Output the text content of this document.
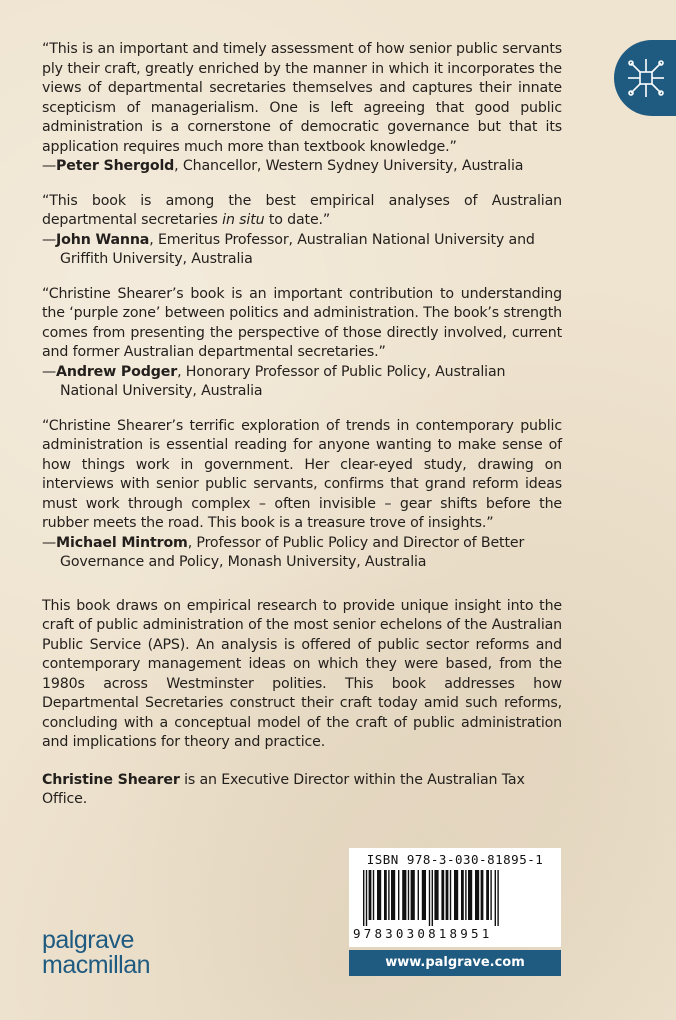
“This is an important and timely assessment of how senior public servants ply their craft, greatly enriched by the manner in which it incorporates the views of departmental secretaries themselves and captures their innate scepticism of managerialism. One is left agreeing that good public administration is a cornerstone of democratic governance but that its application requires much more than textbook knowledge.”
—Peter Shergold, Chancellor, Western Sydney University, Australia
“This book is among the best empirical analyses of Australian departmental secretaries in situ to date.”
—John Wanna, Emeritus Professor, Australian National University and Griffith University, Australia
“Christine Shearer’s book is an important contribution to understanding the ‘purple zone’ between politics and administration. The book’s strength comes from presenting the perspective of those directly involved, current and former Australian departmental secretaries.”
—Andrew Podger, Honorary Professor of Public Policy, Australian National University, Australia
“Christine Shearer’s terrific exploration of trends in contemporary public administration is essential reading for anyone wanting to make sense of how things work in government. Her clear-eyed study, drawing on interviews with senior public servants, confirms that grand reform ideas must work through complex – often invisible – gear shifts before the rubber meets the road. This book is a treasure trove of insights.”
—Michael Mintrom, Professor of Public Policy and Director of Better Governance and Policy, Monash University, Australia
This book draws on empirical research to provide unique insight into the craft of public administration of the most senior echelons of the Australian Public Service (APS). An analysis is offered of public sector reforms and contemporary management ideas on which they were based, from the 1980s across Westminster polities. This book addresses how Departmental Secretaries construct their craft today amid such reforms, concluding with a conceptual model of the craft of public administration and implications for theory and practice.
Christine Shearer is an Executive Director within the Australian Tax Office.
ISBN 978-3-030-81895-1
9783030818951
www.palgrave.com
palgrave
macmillan
